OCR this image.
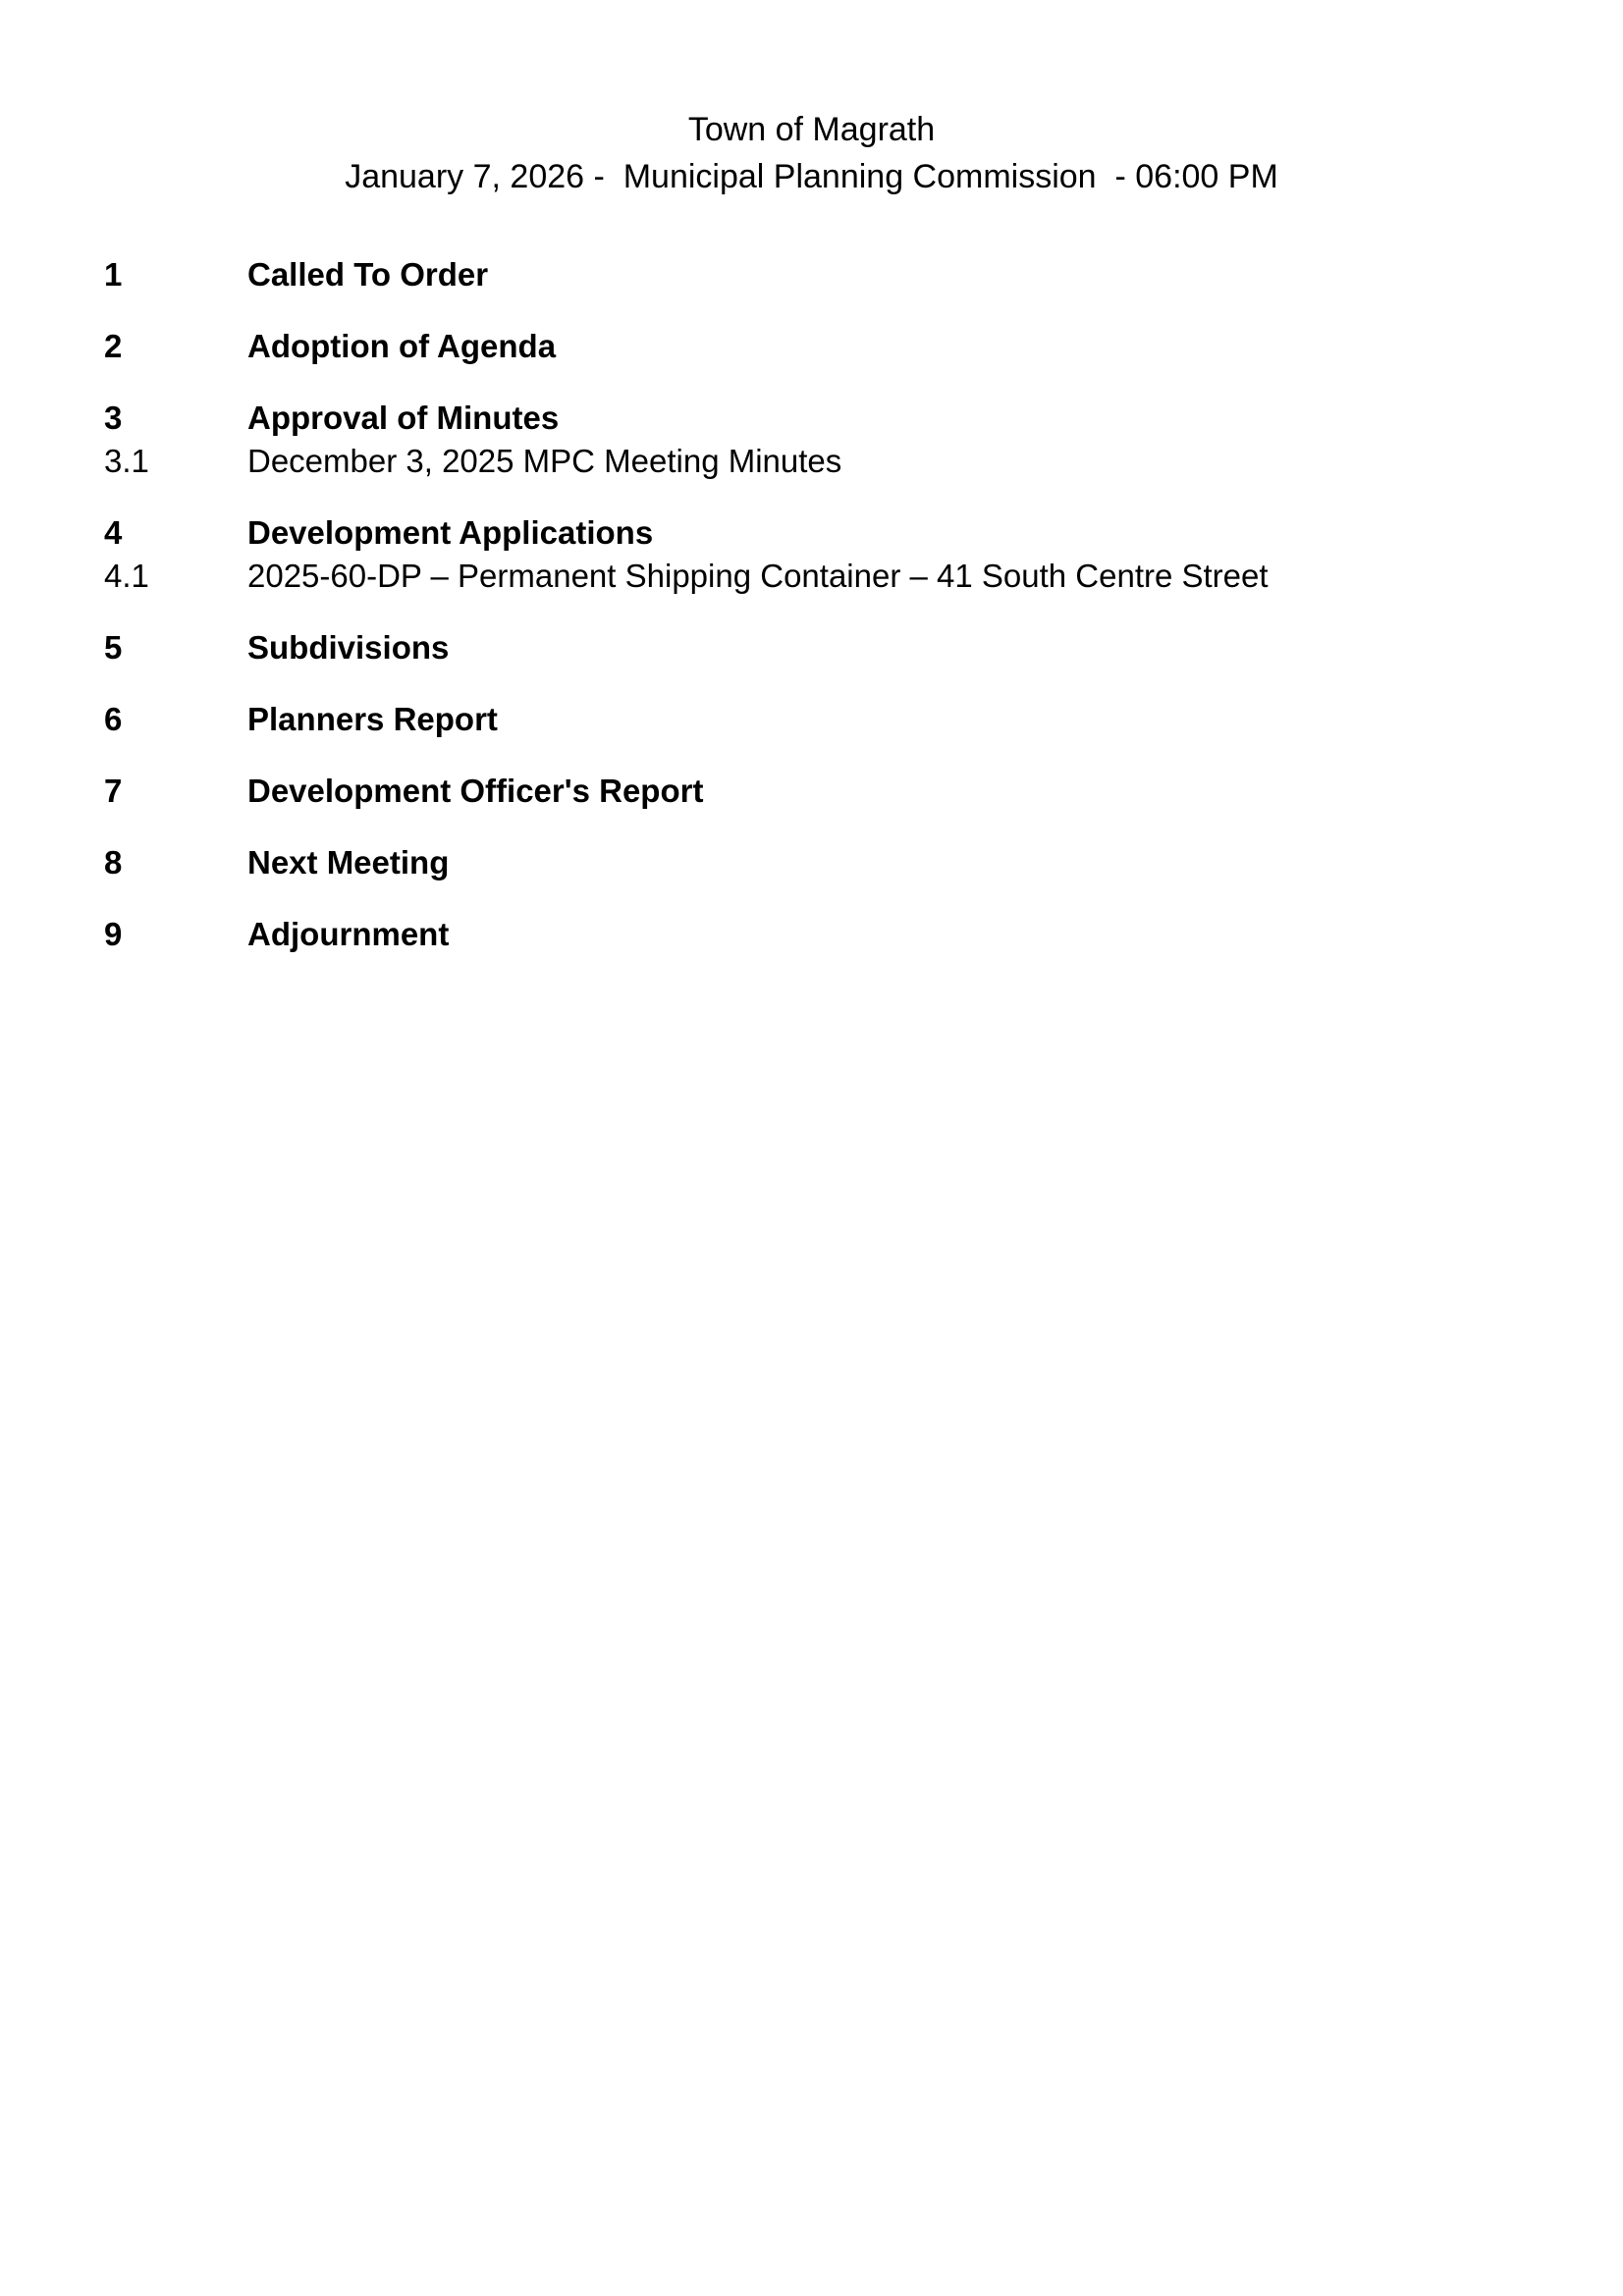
Town of Magrath
January 7, 2026 -  Municipal Planning Commission  - 06:00 PM
1	Called To Order
2	Adoption of Agenda
3	Approval of Minutes
3.1	December 3, 2025 MPC Meeting Minutes
4	Development Applications
4.1	2025-60-DP – Permanent Shipping Container – 41 South Centre Street
5	Subdivisions
6	Planners Report
7	Development Officer's Report
8	Next Meeting
9	Adjournment
